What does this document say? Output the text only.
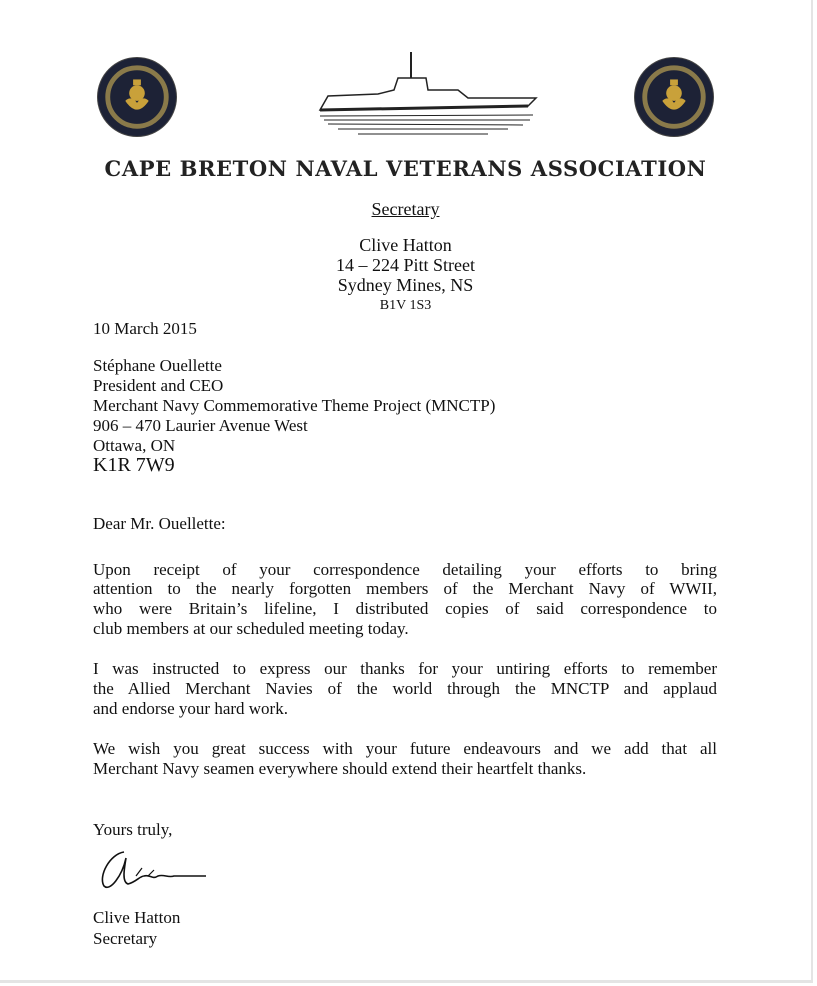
CAPE BRETON NAVAL VETERANS ASSOCIATION
Secretary
Clive Hatton
14 – 224 Pitt Street
Sydney Mines, NS
B1V 1S3
10 March 2015
Stéphane Ouellette
President and CEO
Merchant Navy Commemorative Theme Project (MNCTP)
906 – 470 Laurier Avenue West
Ottawa, ON
K1R 7W9
Dear Mr. Ouellette:
Upon receipt of your correspondence detailing your efforts to bring
attention to the nearly forgotten members of the Merchant Navy of WWII,
who were Britain’s lifeline, I distributed copies of said correspondence to
club members at our scheduled meeting today.
I was instructed to express our thanks for your untiring efforts to remember
the Allied Merchant Navies of the world through the MNCTP and applaud
and endorse your hard work.
We wish you great success with your future endeavours and we add that all
Merchant Navy seamen everywhere should extend their heartfelt thanks.
Yours truly,
Clive Hatton
Secretary
